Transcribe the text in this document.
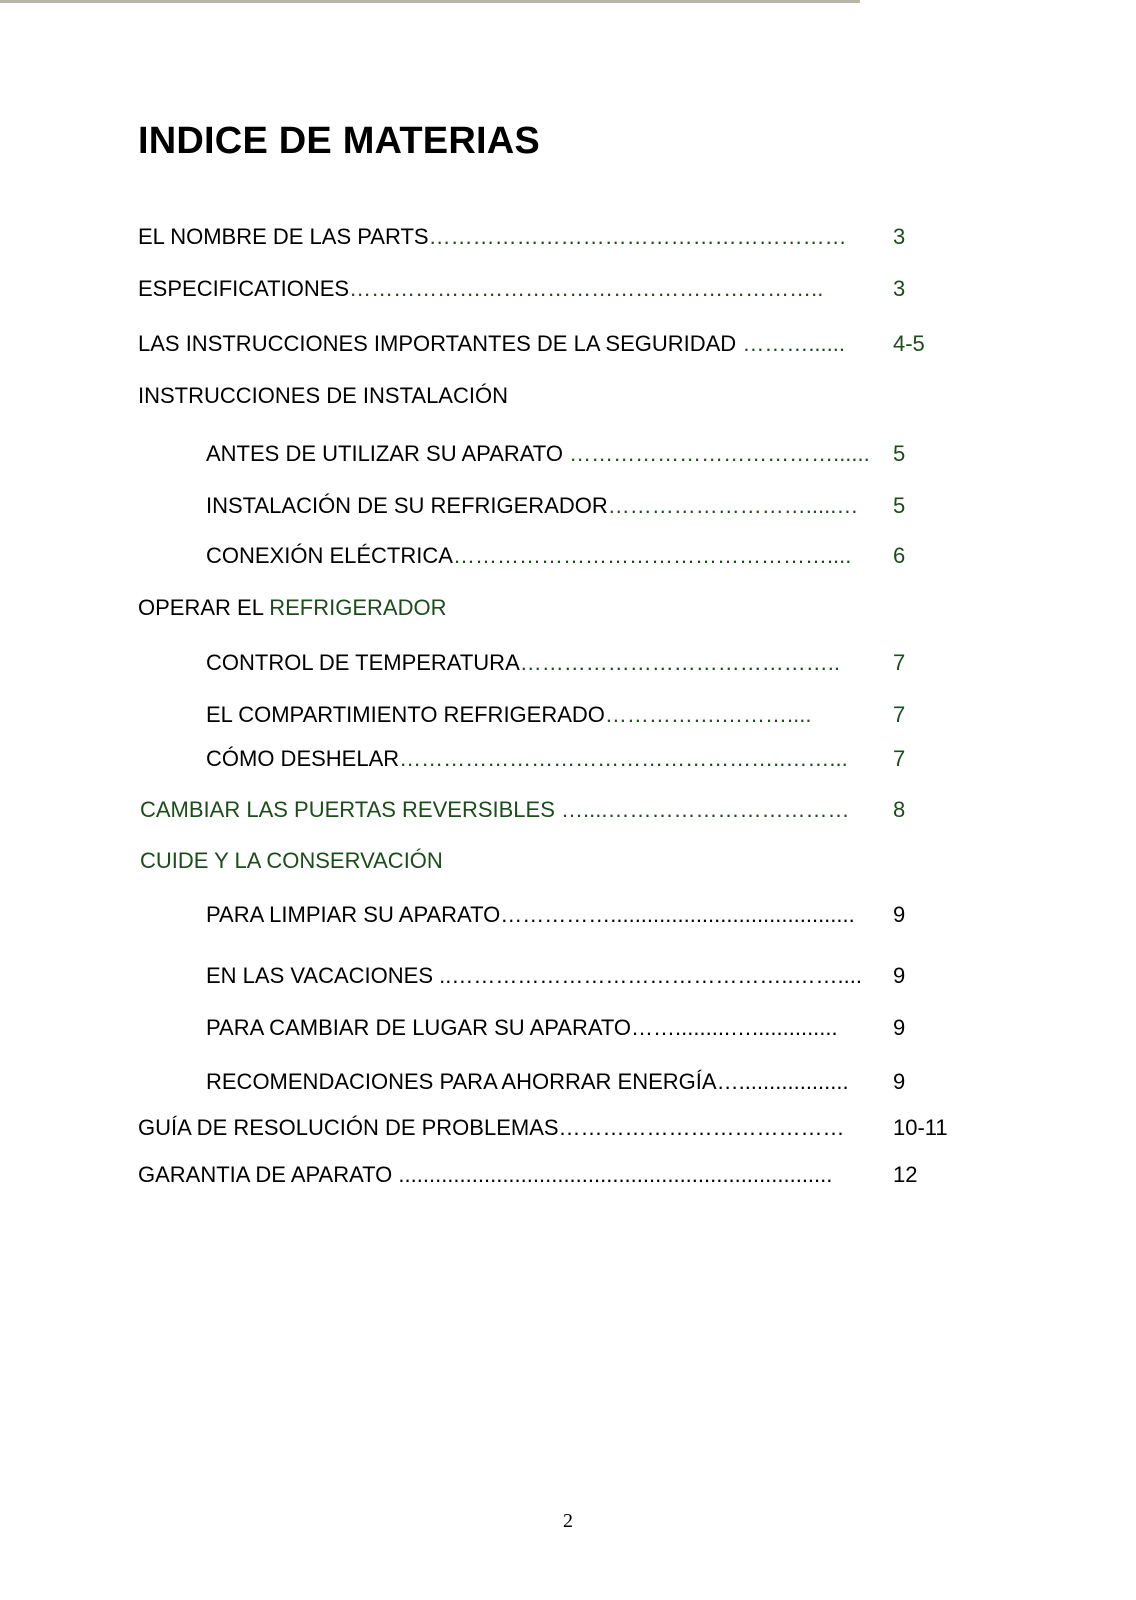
INDICE DE MATERIAS
EL NOMBRE DE LAS PARTS………………………………………………… 3
ESPECIFICATIONES………………………………………………………..	3
LAS INSTRUCCIONES IMPORTANTES DE LA SEGURIDAD ………...... 4-5
INSTRUCCIONES DE INSTALACIÓN
ANTES DE UTILIZAR SU APARATO ………………………………...... 5
INSTALACIÓN DE SU REFRIGERADOR……………………….....… 5
CONEXIÓN ELÉCTRICA…………………………………………….... 6
OPERAR EL REFRIGERADOR
CONTROL DE TEMPERATURA…………………………………….. 7
EL COMPARTIMIENTO REFRIGERADO…………….………....	7
CÓMO DESHELAR……………………………………………..……... 7
CAMBIAR LAS PUERTAS REVERSIBLES …....…………………………… 8
CUIDE Y LA CONSERVACIÓN
PARA LIMPIAR SU APARATO……………........................................ 9
EN LAS VACACIONES ..………………………………………..…….... 9
PARA CAMBIAR DE LUGAR SU APARATO…….........…..............	9
RECOMENDACIONES PARA AHORRAR ENERGÍA….................. 9
GUÍA DE RESOLUCIÓN DE PROBLEMAS………………………………… 10-11
GARANTIA DE APARATO .......................................................................	12
2
